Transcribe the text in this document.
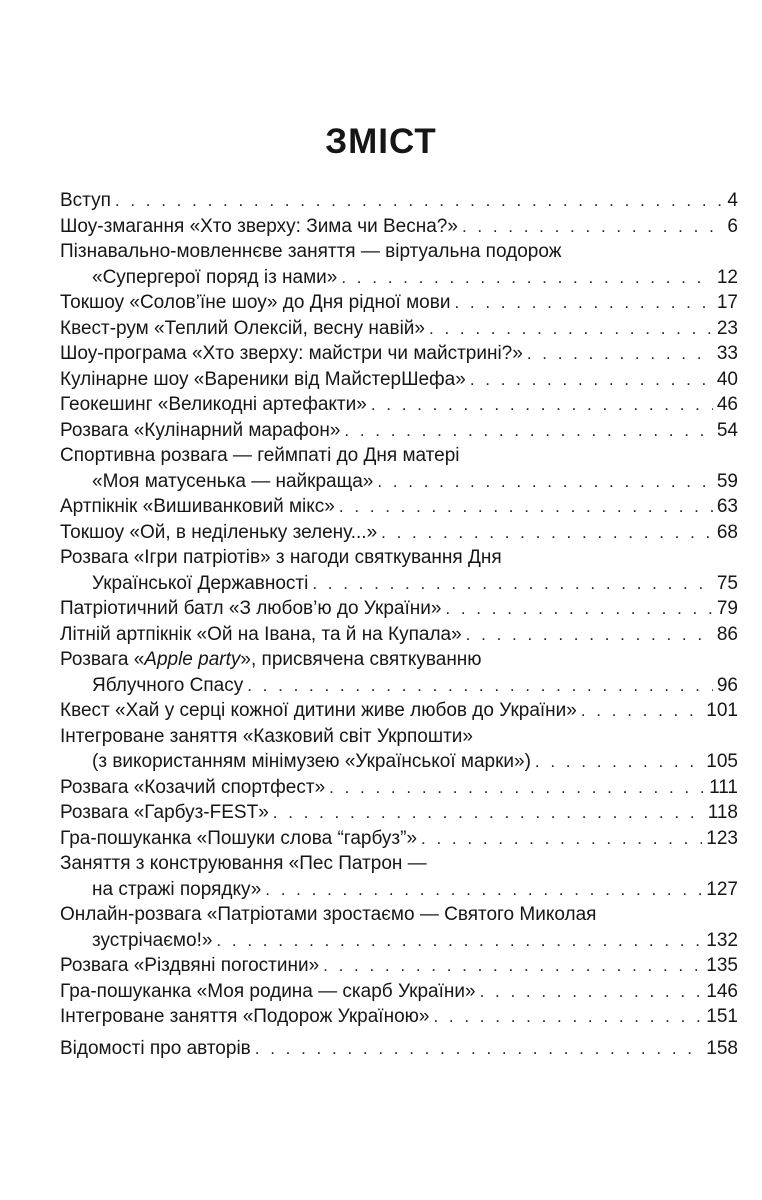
ЗМІСТ
Вступ . . .	4
Шоу-змагання «Хто зверху: Зима чи Весна?» . . .	6
Пізнавально-мовленнєве заняття — віртуальна подорож
«Супергерої поряд із нами» . . .	12
Токшоу «Солов’їне шоу» до Дня рідної мови . . .	17
Квест-рум «Теплий Олексій, весну навій» . . .	23
Шоу-програма «Хто зверху: майстри чи майстрині?» . . .	33
Кулінарне шоу «Вареники від МайстерШефа» . . .	40
Геокешинг «Великодні артефакти» . . .	46
Розвага «Кулінарний марафон» . . .	54
Спортивна розвага — геймпаті до Дня матері
«Моя матусенька — найкраща» . . .	59
Артпікнік «Вишиванковий мікс» . . .	63
Токшоу «Ой, в неділеньку зелену...» . . .	68
Розвага «Ігри патріотів» з нагоди святкування Дня
Української Державності . . .	75
Патріотичний батл «З любов’ю до України» . . .	79
Літній артпікнік «Ой на Івана, та й на Купала» . . .	86
Розвага «Apple party», присвячена святкуванню
Яблучного Спасу . . .	96
Квест «Хай у серці кожної дитини живе любов до України» . . .	101
Інтегроване заняття «Казковий світ Укрпошти»
(з використанням мінімузею «Української марки») . . .	105
Розвага «Козачий спортфест» . . .	111
Розвага «Гарбуз-FEST» . . .	118
Гра-пошуканка «Пошуки слова “гарбуз”» . . .	123
Заняття з конструювання «Пес Патрон —
на стражі порядку» . . .	127
Онлайн-розвага «Патріотами зростаємо — Святого Миколая
зустрічаємо!» . . .	132
Розвага «Різдвяні погостини» . . .	135
Гра-пошуканка «Моя родина — скарб України» . . .	146
Інтегроване заняття «Подорож Україною» . . .	151
Відомості про авторів . . .	158
